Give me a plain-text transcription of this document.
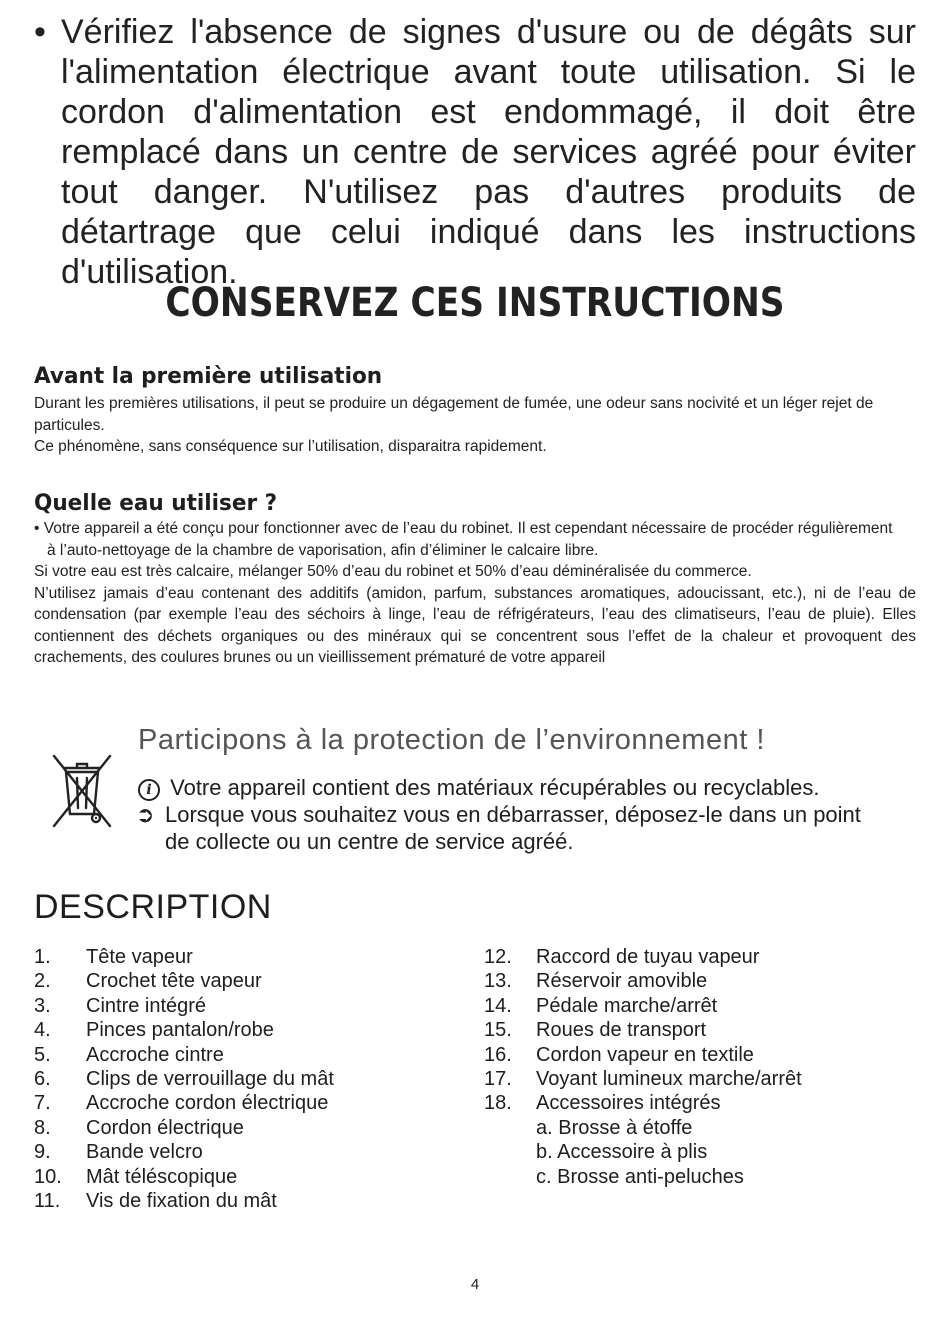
• Vérifiez l'absence de signes d'usure ou de dégâts sur l'alimentation électrique avant toute utilisation. Si le cordon d'alimentation est endommagé, il doit être remplacé dans un centre de services agréé pour éviter tout danger. N'utilisez pas d'autres produits de détartrage que celui indiqué dans les instructions d'utilisation.
CONSERVEZ CES INSTRUCTIONS
Avant la première utilisation
Durant les premières utilisations, il peut se produire un dégagement de fumée, une odeur sans nocivité et un léger rejet de
particules.
Ce phénomène, sans conséquence sur l’utilisation, disparaitra rapidement.
Quelle eau utiliser ?
• Votre appareil a été conçu pour fonctionner avec de l’eau du robinet. Il est cependant nécessaire de procéder régulièrement
à l’auto-nettoyage de la chambre de vaporisation, afin d’éliminer le calcaire libre.
Si votre eau est très calcaire, mélanger 50% d’eau du robinet et 50% d’eau déminéralisée du commerce.
N’utilisez jamais d’eau contenant des additifs (amidon, parfum, substances aromatiques, adoucissant, etc.), ni de l’eau de condensation (par exemple l’eau des séchoirs à linge, l’eau de réfrigérateurs, l’eau des climatiseurs, l’eau de pluie). Elles contiennent des déchets organiques ou des minéraux qui se concentrent sous l’effet de la chaleur et provoquent des crachements, des coulures brunes ou un vieillissement prématuré de votre appareil
Participons à la protection de l’environnement !
i Votre appareil contient des matériaux récupérables ou recyclables.
➲ Lorsque vous souhaitez vous en débarrasser, déposez-le dans un point
de collecte ou un centre de service agréé.
DESCRIPTION
1. Tête vapeur
2. Crochet tête vapeur
3. Cintre intégré
4. Pinces pantalon/robe
5. Accroche cintre
6. Clips de verrouillage du mât
7. Accroche cordon électrique
8. Cordon électrique
9. Bande velcro
10. Mât téléscopique
11. Vis de fixation du mât
12. Raccord de tuyau vapeur
13. Réservoir amovible
14. Pédale marche/arrêt
15. Roues de transport
16. Cordon vapeur en textile
17. Voyant lumineux marche/arrêt
18. Accessoires intégrés
a. Brosse à étoffe
b. Accessoire à plis
c. Brosse anti-peluches
4
